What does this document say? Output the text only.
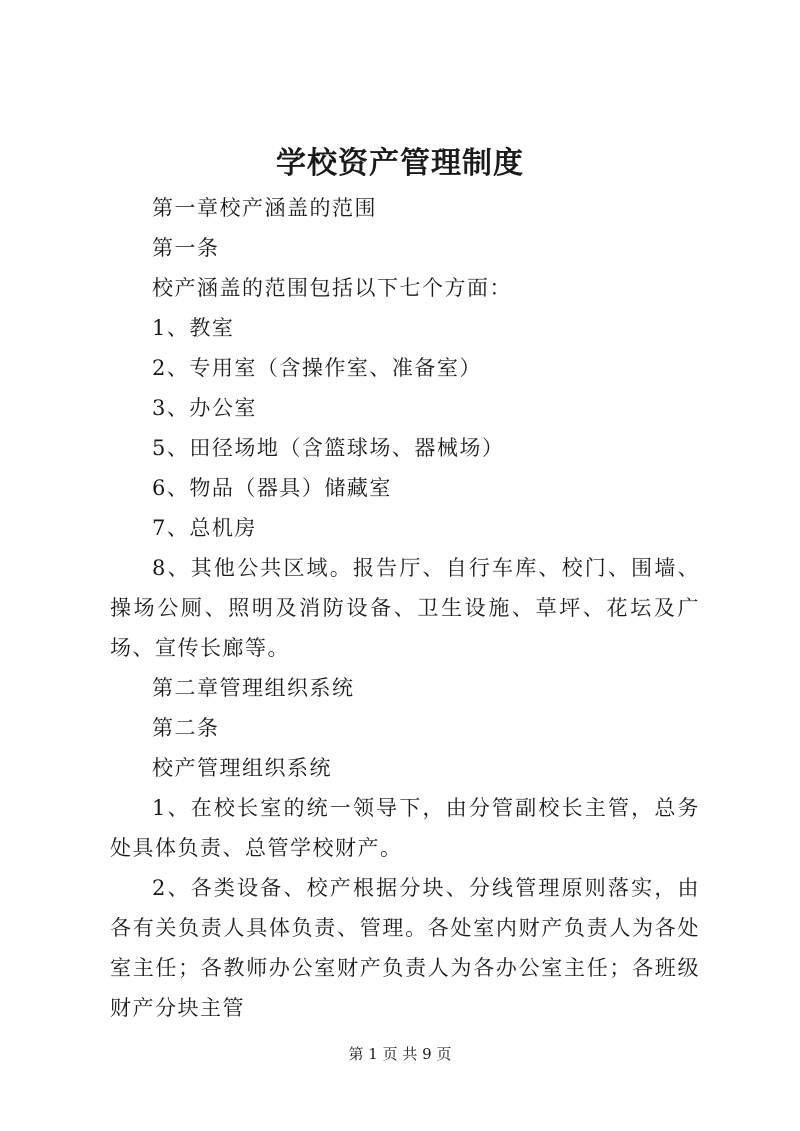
学校资产管理制度

第一章校产涵盖的范围

第一条

校产涵盖的范围包括以下七个方面：

1、教室

2、专用室（含操作室、准备室）

3、办公室

5、田径场地（含篮球场、器械场）

6、物品（器具）储藏室

7、总机房

8、其他公共区域。报告厅、自行车库、校门、围墙、操场公厕、照明及消防设备、卫生设施、草坪、花坛及广场、宣传长廊等。

第二章管理组织系统

第二条

校产管理组织系统

1、在校长室的统一领导下，由分管副校长主管，总务处具体负责、总管学校财产。

2、各类设备、校产根据分块、分线管理原则落实，由各有关负责人具体负责、管理。各处室内财产负责人为各处室主任；各教师办公室财产负责人为各办公室主任；各班级财产分块主管

第 1 页 共 9 页
